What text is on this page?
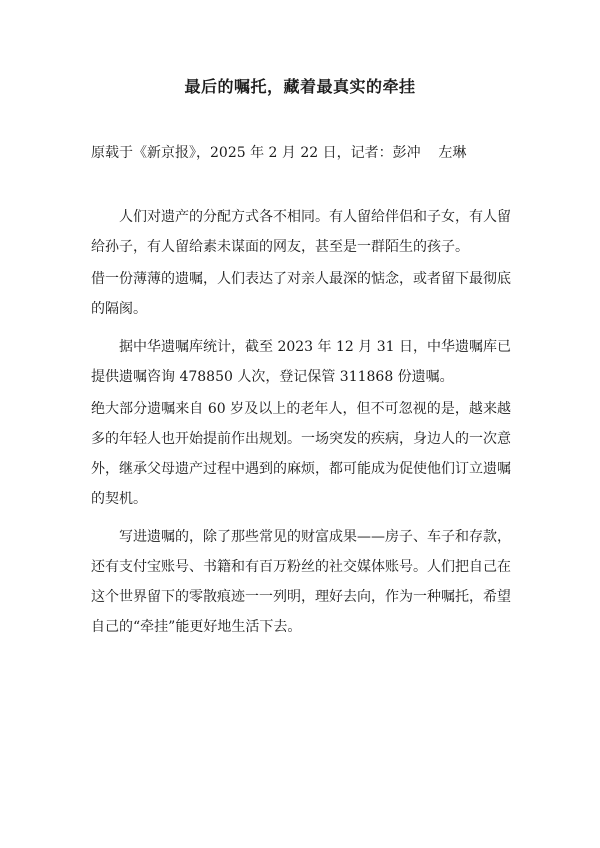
最后的嘱托，藏着最真实的牵挂
原载于《新京报》，2025 年 2 月 22 日，记者：彭冲 左琳

人们对遗产的分配方式各不相同。有人留给伴侣和子女，有人留给孙子，有人留给素未谋面的网友，甚至是一群陌生的孩子。

借一份薄薄的遗嘱，人们表达了对亲人最深的惦念，或者留下最彻底的隔阂。

据中华遗嘱库统计，截至 2023 年 12 月 31 日，中华遗嘱库已提供遗嘱咨询 478850 人次，登记保管 311868 份遗嘱。

绝大部分遗嘱来自 60 岁及以上的老年人，但不可忽视的是，越来越多的年轻人也开始提前作出规划。一场突发的疾病，身边人的一次意外，继承父母遗产过程中遇到的麻烦，都可能成为促使他们订立遗嘱的契机。

写进遗嘱的，除了那些常见的财富成果——房子、车子和存款，还有支付宝账号、书籍和有百万粉丝的社交媒体账号。人们把自己在这个世界留下的零散痕迹一一列明，理好去向，作为一种嘱托，希望自己的“牵挂”能更好地生活下去。
